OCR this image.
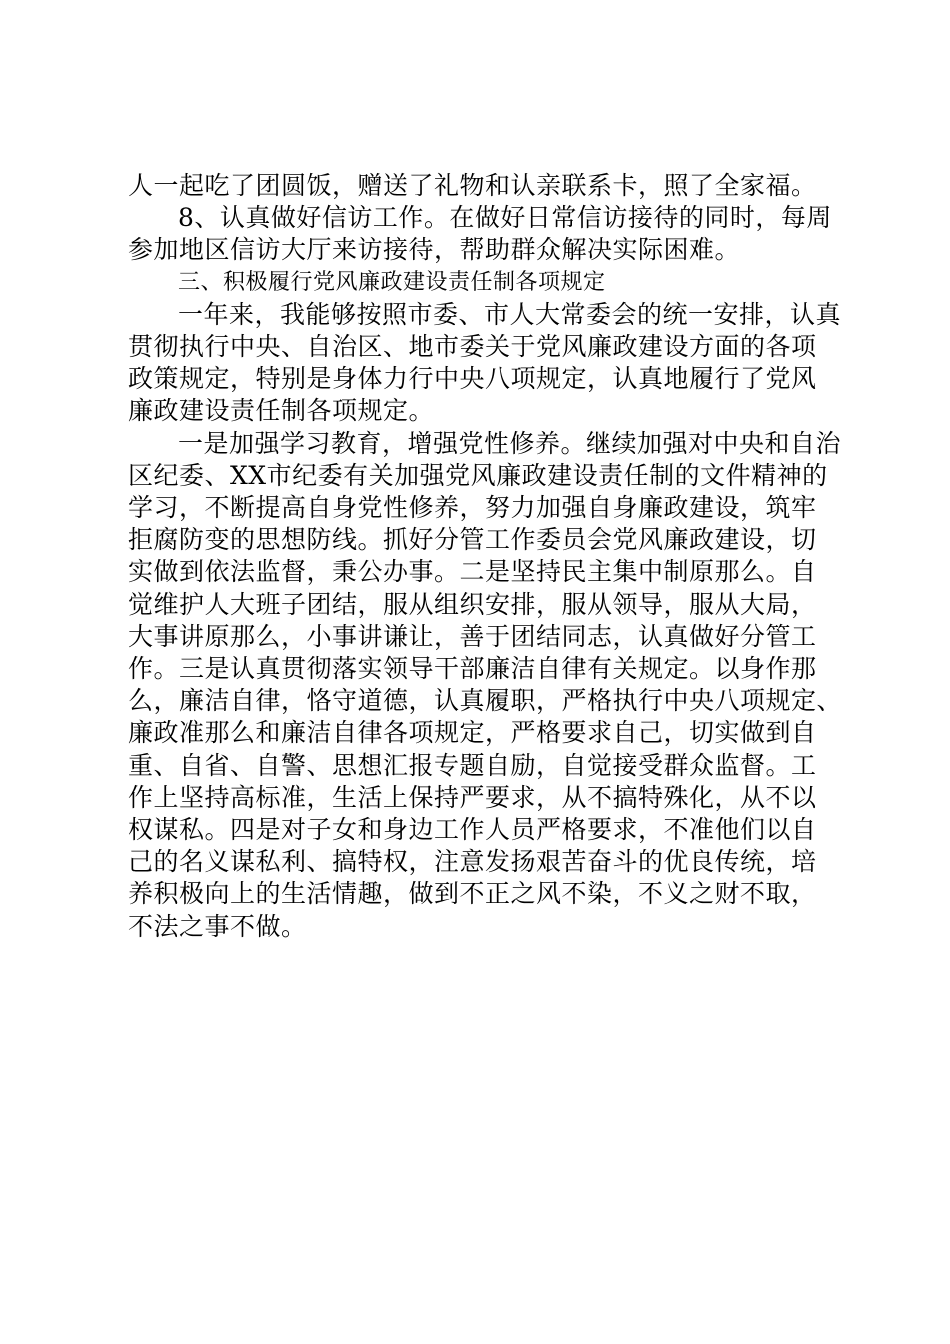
人一起吃了团圆饭，赠送了礼物和认亲联系卡，照了全家福。

8、认真做好信访工作。在做好日常信访接待的同时，每周
参加地区信访大厅来访接待，帮助群众解决实际困难。

三、积极履行党风廉政建设责任制各项规定

一年来，我能够按照市委、市人大常委会的统一安排，认真
贯彻执行中央、自治区、地市委关于党风廉政建设方面的各项
政策规定，特别是身体力行中央八项规定，认真地履行了党风
廉政建设责任制各项规定。

一是加强学习教育，增强党性修养。继续加强对中央和自治
区纪委、XX市纪委有关加强党风廉政建设责任制的文件精神的
学习，不断提高自身党性修养，努力加强自身廉政建设，筑牢
拒腐防变的思想防线。抓好分管工作委员会党风廉政建设，切
实做到依法监督，秉公办事。二是坚持民主集中制原那么。自
觉维护人大班子团结，服从组织安排，服从领导，服从大局，
大事讲原那么，小事讲谦让，善于团结同志，认真做好分管工
作。三是认真贯彻落实领导干部廉洁自律有关规定。以身作那
么，廉洁自律，恪守道德，认真履职，严格执行中央八项规定、
廉政准那么和廉洁自律各项规定，严格要求自己，切实做到自
重、自省、自警、思想汇报专题自励，自觉接受群众监督。工
作上坚持高标准，生活上保持严要求，从不搞特殊化，从不以
权谋私。四是对子女和身边工作人员严格要求，不准他们以自
己的名义谋私利、搞特权，注意发扬艰苦奋斗的优良传统，培
养积极向上的生活情趣，做到不正之风不染，不义之财不取，
不法之事不做。
